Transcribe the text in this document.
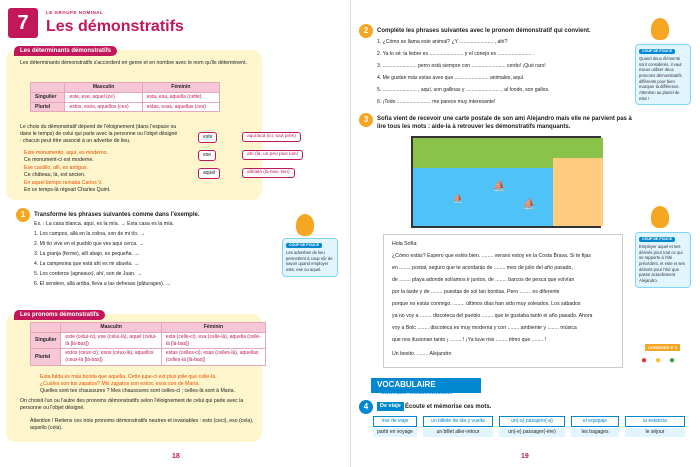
7	LE GROUPE NOMINAL
Les démonstratifs
Les déterminants démonstratifs
Les déterminants démonstratifs s'accordent en genre et en nombre avec le nom qu'ils déterminent.
	Masculin	Féminin
Singulier	este, ese, aquel (ce)	esta, esa, aquella (cette)
Pluriel	estos, esos, aquellos (ces)	estas, esas, aquellas (ces)
Le choix du démonstratif dépend de l'éloignement (dans l'espace ou dans le temps) de celui qui parle avec la personne ou l'objet désigné : chacun peut être associé à un adverbe de lieu.
Este monumento, aquí, es moderno.
Ce monument-ci est moderne.
Ese castillo, allí, es antiguo.
Ce château, là, est ancien.
En aquel tiempo reinaba Carlos V.
En ce temps-là régnait Charles Quint.
este
ese
aquel
aquí/acá (ici, tout près)
ahí (là, un peu plus loin)
allí/allá (là-bas, loin)
1	Transforme les phrases suivantes comme dans l'exemple.
Ex. : La casa blanca, aquí, es la mía. → Esta casa es la mía.
1. Los campos, allá en la colina, son de mi tío. →
2. Mi tío vive en el pueblo que ves aquí cerca. →
3. La granja (ferme), allí abajo, es pequeña. →
4. La campesina que está ahí es mi abuela. →
5. Los corderos (agneaux), ahí, son de Juan. →
6. El sendero, allá arriba, lleva a las dehesas (pâturages). →
COUP DE POUCE
Les adverbes de lieu permettent à coup sûr de savoir quand employer este, ese ou aquel.
Les pronoms démonstratifs
	Masculin	Féminin
Singulier	este (celui-ci), ese (celui-là), aquel (celui-là [là-bas])	esta (celle-ci), esa (celle-là), aquella (celle-là [là-bas])
Pluriel	estos (ceux-ci), esos (ceux-là), aquellos (ceux-là [là-bas])	estas (celles-ci), esas (celles-là), aquellas (celles-là [là-bas])
Esta falda es más bonita que aquella. Cette jupe-ci est plus jolie que celle-là.
¿Cuáles son tus zapatos? Mis zapatos son estos; esos son de María.
Quelles sont tes chaussures ? Mes chaussures sont celles-ci ; celles-là sont à Maria.
On choisit l'un ou l'autre des pronoms démonstratifs selon l'éloignement de celui qui parle avec la personne ou l'objet désigné.
Attention ! Retiens ces trois pronoms démonstratifs neutres et invariables : esto (ceci), eso (cela), aquello (cela).
18
2	Complète les phrases suivantes avec le pronom démonstratif qui convient.
1. ¿Cómo se llama este animal? ¿Y ........................ , ahí?
2. Ya lo sé: la liebre es ........................ y el conejo es ........................ .
3. ........................ perro está siempre con ........................ cerdo! ¡Qué raro!
4. Me gustan más estas aves que ........................ animales, aquí.
5. ........................ , aquí, son gallinas y ........................ , al fondo, son gallos.
6. ¡Todo ........................ me parece muy interesante!
COUP DE POUCE
Quand deux éléments sont considérés, il vaut mieux utiliser deux pronoms démonstratifs différents pour bien marquer la différence. Attention au pluriel de este !
3	Sofía vient de recevoir une carte postale de son ami Alejandro mais elle ne parvient pas à lire tous les mots : aide-la à retrouver les démonstratifs manquants.
⛵
⛵
⛵
Hola Sofía:
¿Cómo estás? Espero que estés bien. ........ verano estoy en la Costa Brava. Si te fijas
en ........ postal, seguro que te acordarás de ........ mes de julio del año pasado,
de ........ playa adonde solíamos ir juntos, de ........ barcos de pesca que volvían
por la tarde y de ........ puestas de sol tan bonitas. Pero ........ es diferente
porque no estás conmigo. ........ últimos días han sido muy soleados. Los sábados
ya no voy a ........ discoteca del pueblo ........ que te gustaba tanto el año pasado. Ahora
voy a Bolc ........ discoteca es muy moderna y con ........ ambiente y ........ música
que nos ilusionan tanto ¡ ........ ! ¡Ya tuve mis ........ ritmo que ........ !
Un besito. ........ Alejandro
COUP DE POUCE
Employer aquel et ses dérivés pour tout ce qui se rapporte à l'été précédent, et este et ses dérivés pour l'été que passe actuellement Alejandro.
CORRIGÉS P. 5
● ● ●
VOCABULAIRE
www.hatier-entrainement.com
4	De viaje Écoute et mémorise ces mots.
irse de viaje
partir en voyage
un billete de ida y vuelta
un billet aller-retour
un(-a) pasajero(-a)
un(-e) passager(-ère)
el equipaje
les bagages
la estancia
le séjour
19
